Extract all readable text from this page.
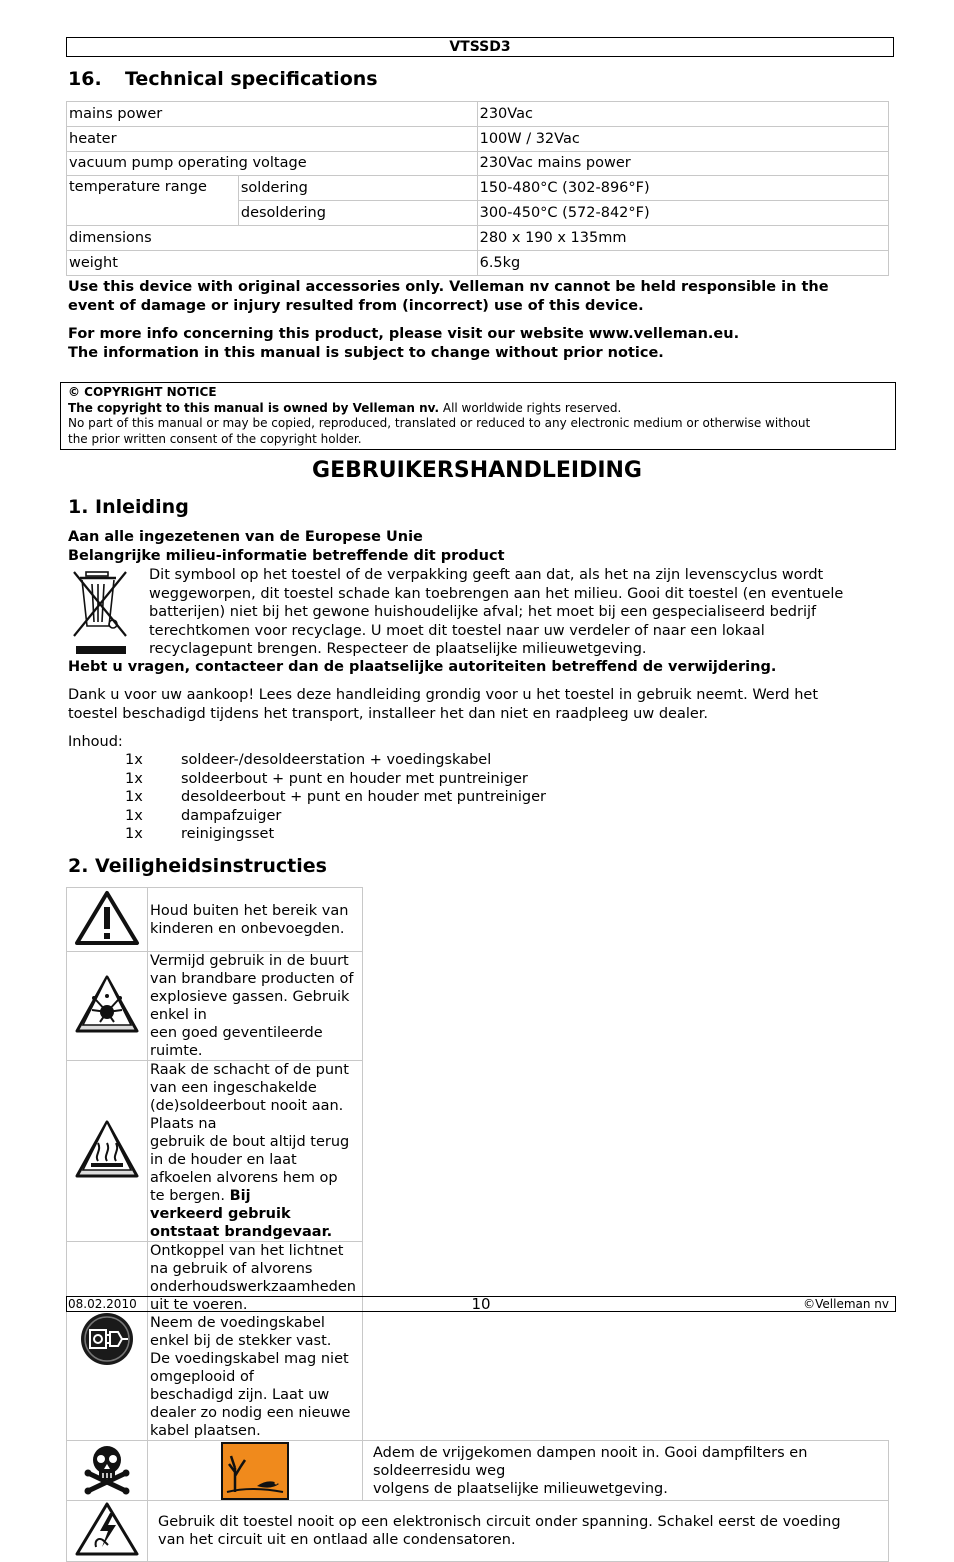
VTSSD3
16. Technical specifications
mains power		230Vac
heater		100W / 32Vac
vacuum pump operating voltage		230Vac mains power
temperature range	soldering	150-480°C (302-896°F)
	desoldering	300-450°C (572-842°F)
dimensions		280 x 190 x 135mm
weight		6.5kg
Use this device with original accessories only. Velleman nv cannot be held responsible in the
event of damage or injury resulted from (incorrect) use of this device.
For more info concerning this product, please visit our website www.velleman.eu.
The information in this manual is subject to change without prior notice.
© COPYRIGHT NOTICE
The copyright to this manual is owned by Velleman nv. All worldwide rights reserved.
No part of this manual or may be copied, reproduced, translated or reduced to any electronic medium or otherwise without
the prior written consent of the copyright holder.
GEBRUIKERSHANDLEIDING
1. Inleiding
Aan alle ingezetenen van de Europese Unie
Belangrijke milieu-informatie betreffende dit product
Dit symbool op het toestel of de verpakking geeft aan dat, als het na zijn levenscyclus wordt
weggeworpen, dit toestel schade kan toebrengen aan het milieu. Gooi dit toestel (en eventuele
batterijen) niet bij het gewone huishoudelijke afval; het moet bij een gespecialiseerd bedrijf
terechtkomen voor recyclage. U moet dit toestel naar uw verdeler of naar een lokaal
recyclagepunt brengen. Respecteer de plaatselijke milieuwetgeving.
Hebt u vragen, contacteer dan de plaatselijke autoriteiten betreffend de verwijdering.
Dank u voor uw aankoop! Lees deze handleiding grondig voor u het toestel in gebruik neemt. Werd het
toestel beschadigd tijdens het transport, installeer het dan niet en raadpleeg uw dealer.
Inhoud:
1x	soldeer-/desoldeerstation + voedingskabel
1x	soldeerbout + punt en houder met puntreiniger
1x	desoldeerbout + punt en houder met puntreiniger
1x	dampafzuiger
1x	reinigingsset
2. Veiligheidsinstructies
	Houd buiten het bereik van kinderen en onbevoegden.	

Vermijd gebruik in de buurt van brandbare producten of explosieve gassen. Gebruik enkel in
een goed geventileerde ruimte.	

Raak de schacht of de punt van een ingeschakelde (de)soldeerbout nooit aan. Plaats na
gebruik de bout altijd terug in de houder en laat afkoelen alvorens hem op te bergen. Bij
verkeerd gebruik ontstaat brandgevaar.	

Ontkoppel van het lichtnet na gebruik of alvorens onderhoudswerkzaamheden uit te voeren.
Neem de voedingskabel enkel bij de stekker vast. De voedingskabel mag niet omgeplooid of
beschadigd zijn. Laat uw dealer zo nodig een nieuwe kabel plaatsen.	

Adem de vrijgekomen dampen nooit in. Gooi dampfilters en soldeerresidu weg
volgens de plaatselijke milieuwetgeving.

Gebruik dit toestel nooit op een elektronisch circuit onder spanning. Schakel eerst de voeding
van het circuit uit en ontlaad alle condensatoren.	
08.02.2010	10	©Velleman nv
